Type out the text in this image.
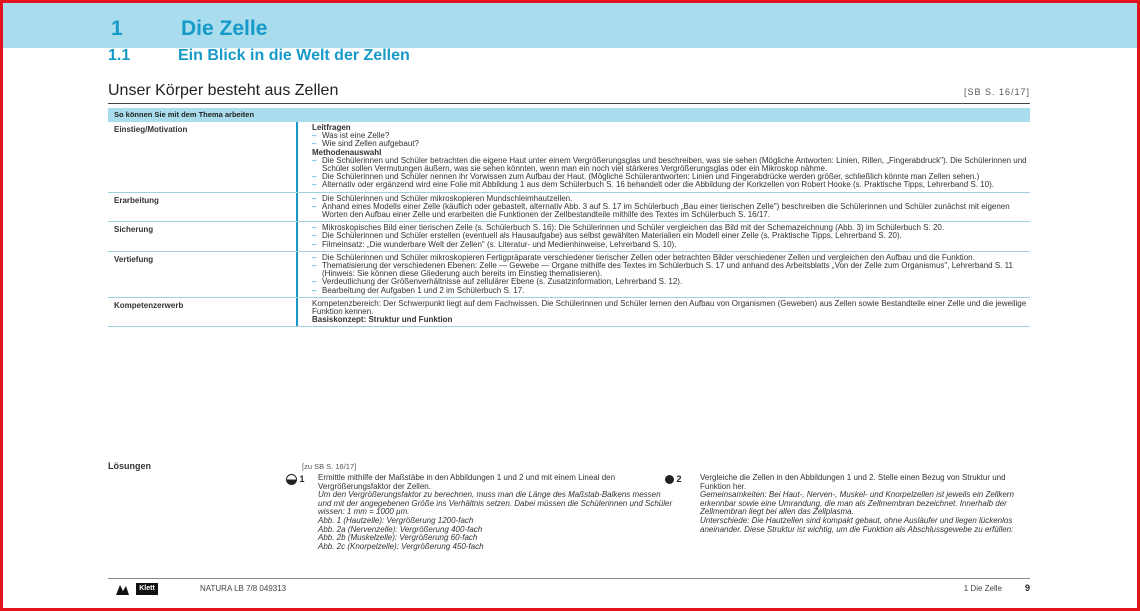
1	Die Zelle
1.1	Ein Blick in die Welt der Zellen
Unser Körper besteht aus Zellen	[SB S. 16/17]
So können Sie mit dem Thema arbeiten
Einstieg/Motivation	Leitfragen
– Was ist eine Zelle?
– Wie sind Zellen aufgebaut?
Methodenauswahl
– Die Schülerinnen und Schüler betrachten die eigene Haut unter einem Vergrößerungsglas und beschreiben, was sie sehen (Mögliche Antworten: Linien, Rillen, „Fingerabdruck"). Die Schülerinnen und Schüler sollen Vermutungen äußern, was sie sehen könnten, wenn man ein noch viel stärkeres Vergrößerungsglas oder ein Mikroskop nähme.
– Die Schülerinnen und Schüler nennen ihr Vorwissen zum Aufbau der Haut. (Mögliche Schülerantworten: Linien und Fingerabdrücke werden größer, schließlich könnte man Zellen sehen.)
– Alternativ oder ergänzend wird eine Folie mit Abbildung 1 aus dem Schülerbuch S. 16 behandelt oder die Abbildung der Korkzellen von Robert Hooke (s. Praktische Tipps, Lehrerband S. 10).
Erarbeitung	– Die Schülerinnen und Schüler mikroskopieren Mundschleimhautzellen.
– Anhand eines Modells einer Zelle (käuflich oder gebastelt, alternativ Abb. 3 auf S. 17 im Schülerbuch „Bau einer tierischen Zelle") beschreiben die Schülerinnen und Schüler zunächst mit eigenen Worten den Aufbau einer Zelle und erarbeiten die Funktionen der Zellbestandteile mithilfe des Textes im Schülerbuch S. 16/17.
Sicherung	– Mikroskopisches Bild einer tierischen Zelle (s. Schülerbuch S. 16): Die Schülerinnen und Schüler vergleichen das Bild mit der Schemazeichnung (Abb. 3) im Schülerbuch S. 20.
– Die Schülerinnen und Schüler erstellen (eventuell als Hausaufgabe) aus selbst gewählten Materialien ein Modell einer Zelle (s. Praktische Tipps, Lehrerband S. 20).
– Filmeinsatz: „Die wunderbare Welt der Zellen" (s. Literatur- und Medienhinweise, Lehrerband S. 10).
Vertiefung	– Die Schülerinnen und Schüler mikroskopieren Fertigpräparate verschiedener tierischer Zellen oder betrachten Bilder verschiedener Zellen und vergleichen den Aufbau und die Funktion.
– Thematisierung der verschiedenen Ebenen: Zelle — Gewebe — Organe mithilfe des Textes im Schülerbuch S. 17 und anhand des Arbeitsblatts „Von der Zelle zum Organismus", Lehrerband S. 11 (Hinweis: Sie können diese Gliederung auch bereits im Einstieg thematisieren).
– Verdeutlichung der Größenverhältnisse auf zellulärer Ebene (s. Zusatzinformation, Lehrerband S. 12).
– Bearbeitung der Aufgaben 1 und 2 im Schülerbuch S. 17.
Kompetenzerwerb	Kompetenzbereich: Der Schwerpunkt liegt auf dem Fachwissen. Die Schülerinnen und Schüler lernen den Aufbau von Organismen (Geweben) aus Zellen sowie Bestandteile einer Zelle und die jeweilige Funktion kennen.
Basiskonzept: Struktur und Funktion
Lösungen	[zu SB S. 16/17]
1 Ermittle mithilfe der Maßstäbe in den Abbildungen 1 und 2 und mit einem Lineal den Vergrößerungsfaktor der Zellen.
Um den Vergrößerungsfaktor zu berechnen, muss man die Länge des Maßstab-Balkens messen und mit der angegebenen Größe ins Verhältnis setzen. Dabei müssen die Schülerinnen und Schüler wissen: 1 mm = 1000 µm.
Abb. 1 (Hautzelle): Vergrößerung 1200-fach
Abb. 2a (Nervenzelle): Vergrößerung 400-fach
Abb. 2b (Muskelzelle): Vergrößerung 60-fach
Abb. 2c (Knorpelzelle): Vergrößerung 450-fach
2 Vergleiche die Zellen in den Abbildungen 1 und 2. Stelle einen Bezug von Struktur und Funktion her.
Gemeinsamkeiten: Bei Haut-, Nerven-, Muskel- und Knorpelzellen ist jeweils ein Zellkern erkennbar sowie eine Umrandung, die man als Zellmembran bezeichnet. Innerhalb der Zellmembran liegt bei allen das Zellplasma.
Unterschiede: Die Hautzellen sind kompakt gebaut, ohne Ausläufer und liegen lückenlos aneinander. Diese Struktur ist wichtig, um die Funktion als Abschlussgewebe zu erfüllen:
Klett	NATURA LB 7/8 049313	1 Die Zelle	9
